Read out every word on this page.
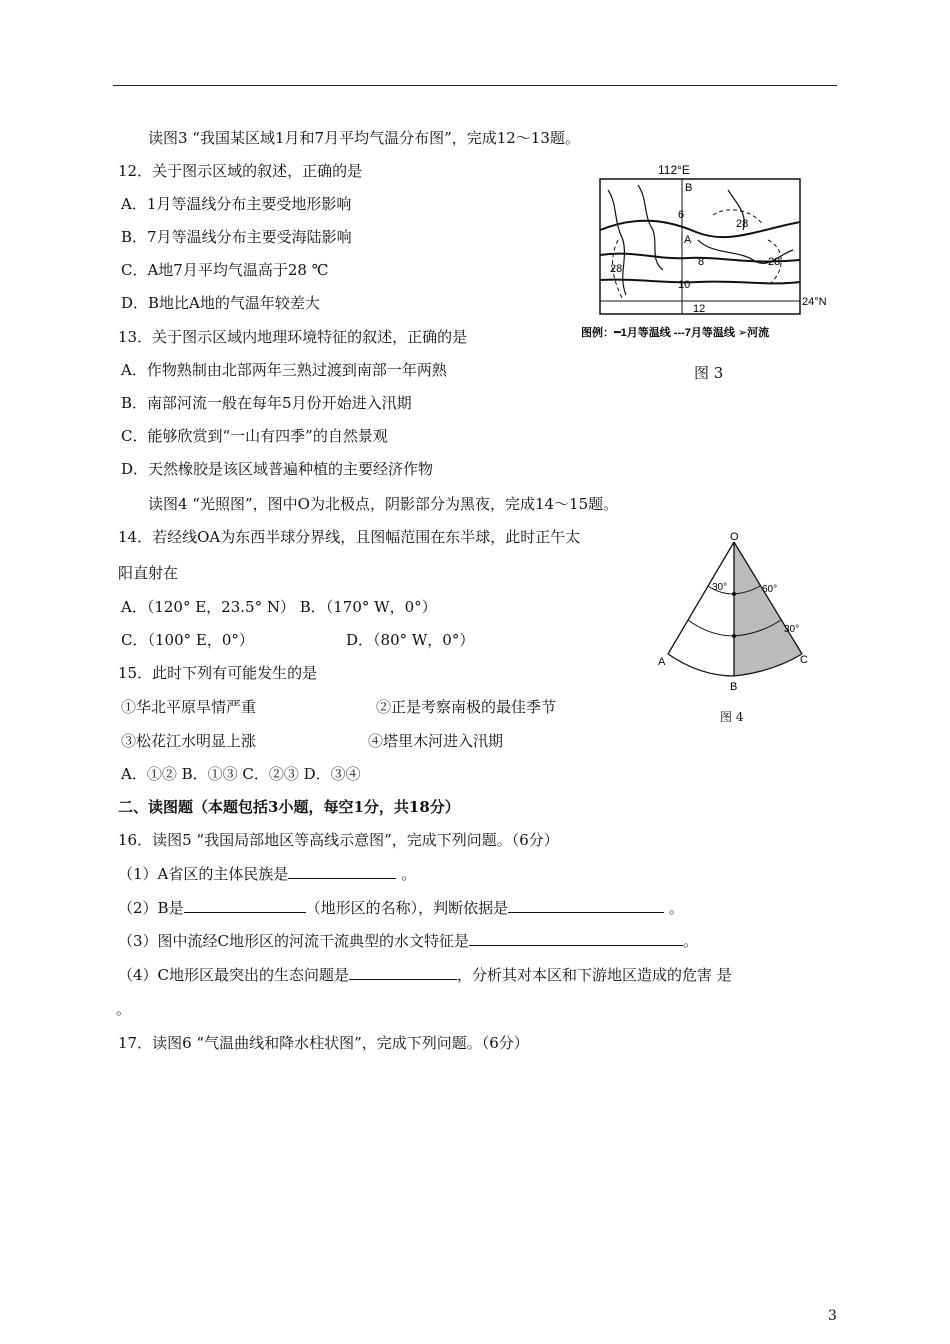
读图3 “我国某区域1月和7月平均气温分布图”，完成12～13题。
12．关于图示区域的叙述，正确的是
A．1月等温线分布主要受地形影响
B．7月等温线分布主要受海陆影响
C．A地7月平均气温高于28 ℃
D．B地比A地的气温年较差大
13．关于图示区域内地理环境特征的叙述，正确的是
A．作物熟制由北部两年三熟过渡到南部一年两熟
B．南部河流一般在每年5月份开始进入汛期
C．能够欣赏到“一山有四季”的自然景观
D．天然橡胶是该区域普遍种植的主要经济作物
112°E
B
A
6
8
10
12
28
28
28
24°N
图例：━1月等温线 ---7月等温线 ➢河流
图 3
读图4 “光照图”，图中O为北极点，阴影部分为黑夜，完成14～15题。
14．若经线OA为东西半球分界线，且图幅范围在东半球，此时正午太
阳直射在
A．（120° E，23.5° N） B．（170° W，0°）
C．（100° E，0°）	D．（80° W，0°）
15．此时下列有可能发生的是
①华北平原旱情严重	②正是考察南极的最佳季节
③松花江水明显上涨	④塔里木河进入汛期
A．①② B．①③ C．②③ D．③④
O
A
B
C
30°	60°
30°
图 4
二、读图题（本题包括3小题，每空1分，共18分）
16．读图5 “我国局部地区等高线示意图”，完成下列问题。（6分）
（1）A省区的主体民族是	。
（2）B是	（地形区的名称），判断依据是	。
（3）图中流经C地形区的河流干流典型的水文特征是	。
（4）C地形区最突出的生态问题是	，分析其对本区和下游地区造成的危害 是
。
17．读图6 “气温曲线和降水柱状图”，完成下列问题。（6分）
3
